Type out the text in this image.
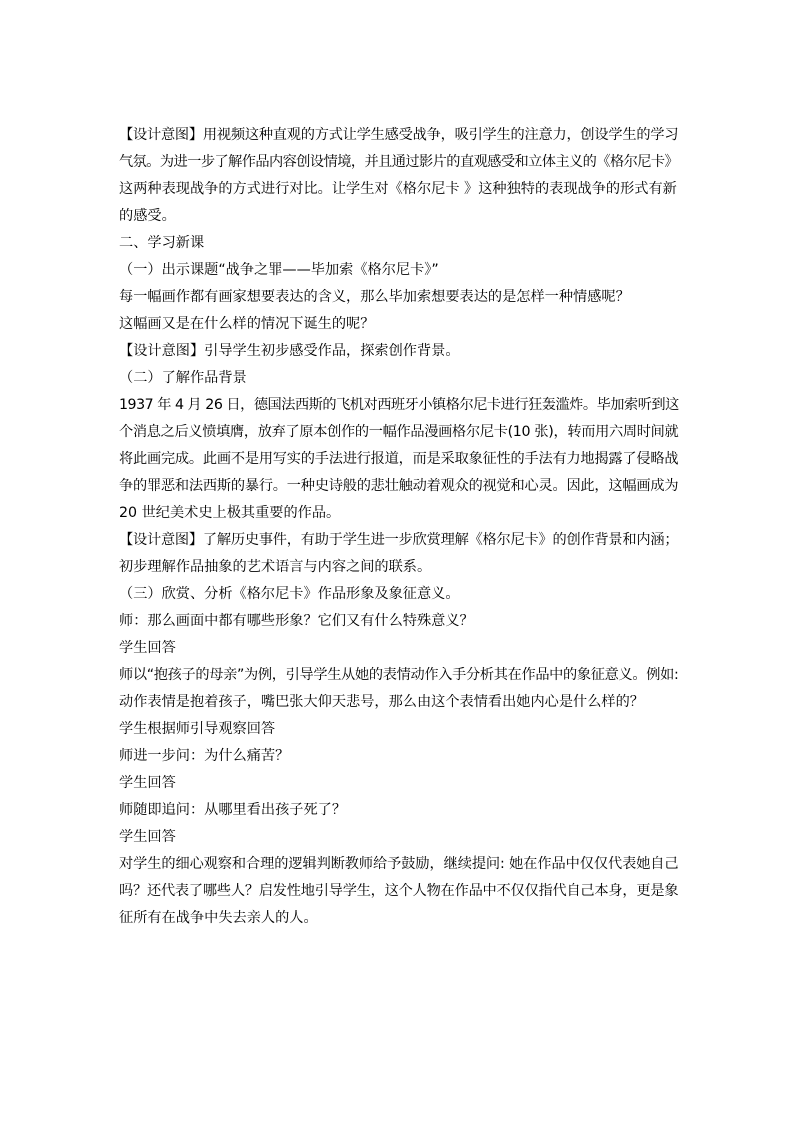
【设计意图】用视频这种直观的方式让学生感受战争，吸引学生的注意力，创设学生的学习
气氛。为进一步了解作品内容创设情境，并且通过影片的直观感受和立体主义的《格尔尼卡》
这两种表现战争的方式进行对比。让学生对《格尔尼卡 》这种独特的表现战争的形式有新
的感受。

二、学习新课

（一）出示课题“战争之罪——毕加索《格尔尼卡》”

每一幅画作都有画家想要表达的含义，那么毕加索想要表达的是怎样一种情感呢？

这幅画又是在什么样的情况下诞生的呢？

【设计意图】引导学生初步感受作品，探索创作背景。

（二）了解作品背景

1937 年 4 月 26 日，德国法西斯的飞机对西班牙小镇格尔尼卡进行狂轰滥炸。毕加索听到这
个消息之后义愤填膺，放弃了原本创作的一幅作品漫画格尔尼卡(10 张)，转而用六周时间就
将此画完成。此画不是用写实的手法进行报道，而是采取象征性的手法有力地揭露了侵略战
争的罪恶和法西斯的暴行。一种史诗般的悲壮触动着观众的视觉和心灵。因此，这幅画成为
20 世纪美术史上极其重要的作品。

【设计意图】了解历史事件，有助于学生进一步欣赏理解《格尔尼卡》的创作背景和内涵；
初步理解作品抽象的艺术语言与内容之间的联系。

（三）欣赏、分析《格尔尼卡》作品形象及象征意义。

师：那么画面中都有哪些形象？它们又有什么特殊意义？

学生回答

师以“抱孩子的母亲”为例，引导学生从她的表情动作入手分析其在作品中的象征意义。例如:
动作表情是抱着孩子，嘴巴张大仰天悲号，那么由这个表情看出她内心是什么样的？

学生根据师引导观察回答

师进一步问：为什么痛苦？

学生回答

师随即追问：从哪里看出孩子死了？

学生回答

对学生的细心观察和合理的逻辑判断教师给予鼓励，继续提问: 她在作品中仅仅代表她自己
吗？还代表了哪些人？启发性地引导学生，这个人物在作品中不仅仅指代自己本身，更是象
征所有在战争中失去亲人的人。
